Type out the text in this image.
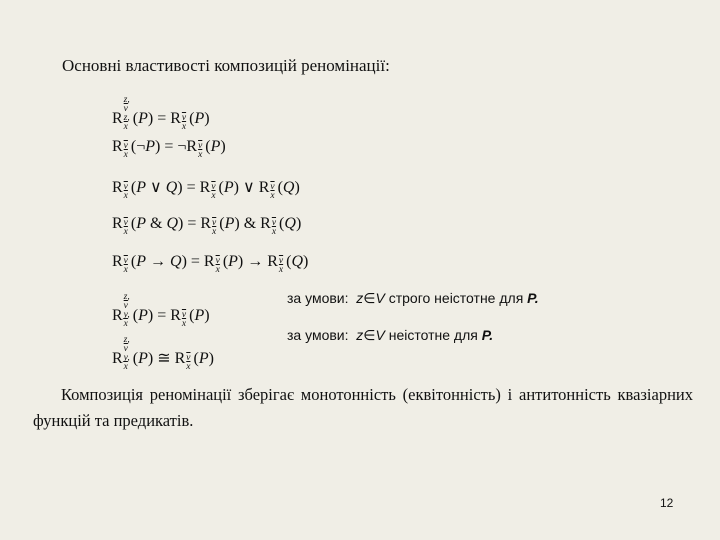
Основні властивості композицій реномінації:
R
z,
$\overline{v}$
z,
$\overline{x}$ (P) = R $\frac{\overline{v}}{x} (P)$
R $\frac{\overline{v}}{x}$ (¬P) = ¬R $\frac{\overline{v}}{x} (P)$
R $\frac{\overline{v}}{x} (P$ ∨ Q) = R $\frac{\overline{v}}{x} (P)$ ∨ R $\frac{\overline{v}}{x} (Q)$
R $\frac{\overline{v}}{x} (P$ & Q) = R $\frac{\overline{v}}{x} (P)$ & R $\frac{\overline{v}}{x} (Q)$
R $\frac{\overline{v}}{x} (P \to Q) = R \frac{\overline{v}}{x} (P) \to R \frac{\overline{v}}{x} (Q)$
R
z,
$\overline{v}$
y,
$\overline{x}$ (P) = R $\frac{\overline{v}}{x} (P)$
R
z,
$\overline{v}$
y,
$\overline{x}$ (P) ≅ R $\frac{\overline{v}}{x} (P)$
за умови: z∈V строго неістотне для P.
за умови: z∈V неістотне для P.
Композиція реномінації зберігає монотонність (еквітонність) і антитонність квазіарних функцій та предикатів.
12
